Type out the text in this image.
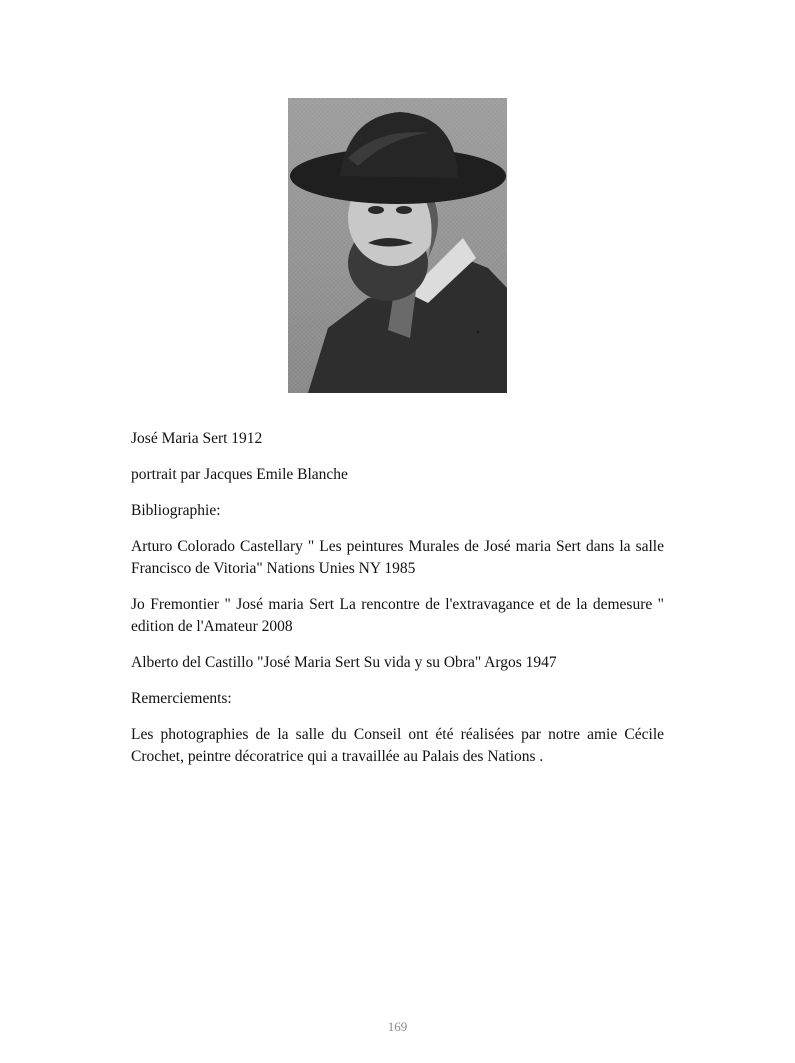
José Maria Sert 1912

portrait par Jacques Emile Blanche

Bibliographie:

Arturo Colorado Castellary " Les peintures Murales de José maria Sert dans la salle Francisco de Vitoria" Nations Unies NY 1985

Jo Fremontier " José maria Sert La rencontre de l'extravagance et de la demesure " edition de l'Amateur 2008

Alberto del Castillo "José Maria Sert Su vida y su Obra" Argos 1947

Remerciements:

Les photographies de la salle du Conseil ont été réalisées par notre amie Cécile Crochet, peintre décoratrice qui a travaillée au Palais des Nations .

169
